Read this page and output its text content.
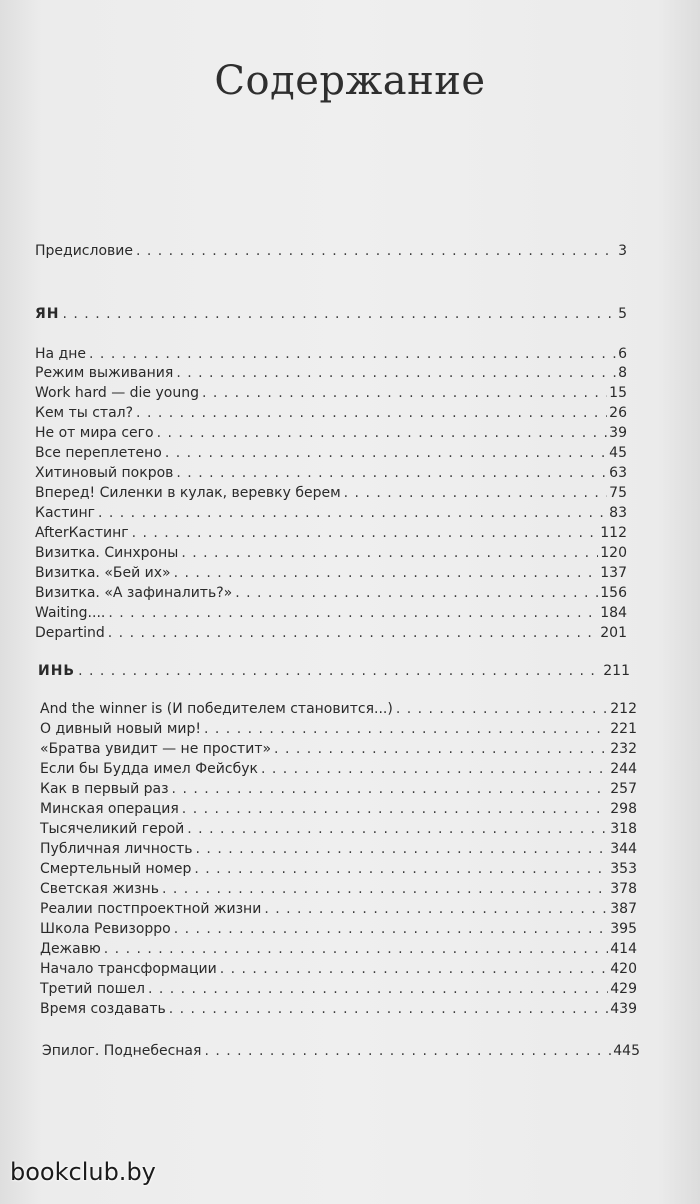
Содержание
Предисловие . . .	3
ЯН . . .	5
На дне . . .	6
Режим выживания . . .	8
Work hard — die young . . .	15
Кем ты стал? . . .	26
Не от мира сего . . .	39
Все переплетено . . .	45
Хитиновый покров . . .	63
Вперед! Силенки в кулак, веревку берем . . .	75
Кастинг . . .	83
AfterКастинг . . .	112
Визитка. Синхроны . . .	120
Визитка. «Бей их» . . .	137
Визитка. «А зафиналить?» . . .	156
Waiting.... . . .	184
Departind . . .	201
ИНЬ . . .	211
And the winner is (И победителем становится...) . . .	212
О дивный новый мир! . . .	221
«Братва увидит — не простит» . . .	232
Если бы Будда имел Фейсбук . . .	244
Как в первый раз . . .	257
Минская операция . . .	298
Тысячеликий герой . . .	318
Публичная личность . . .	344
Смертельный номер . . .	353
Светская жизнь . . .	378
Реалии постпроектной жизни . . .	387
Школа Ревизорро . . .	395
Дежавю . . .	414
Начало трансформации . . .	420
Третий пошел . . .	429
Время создавать . . .	439
Эпилог. Поднебесная . . .	445
bookclub.by
